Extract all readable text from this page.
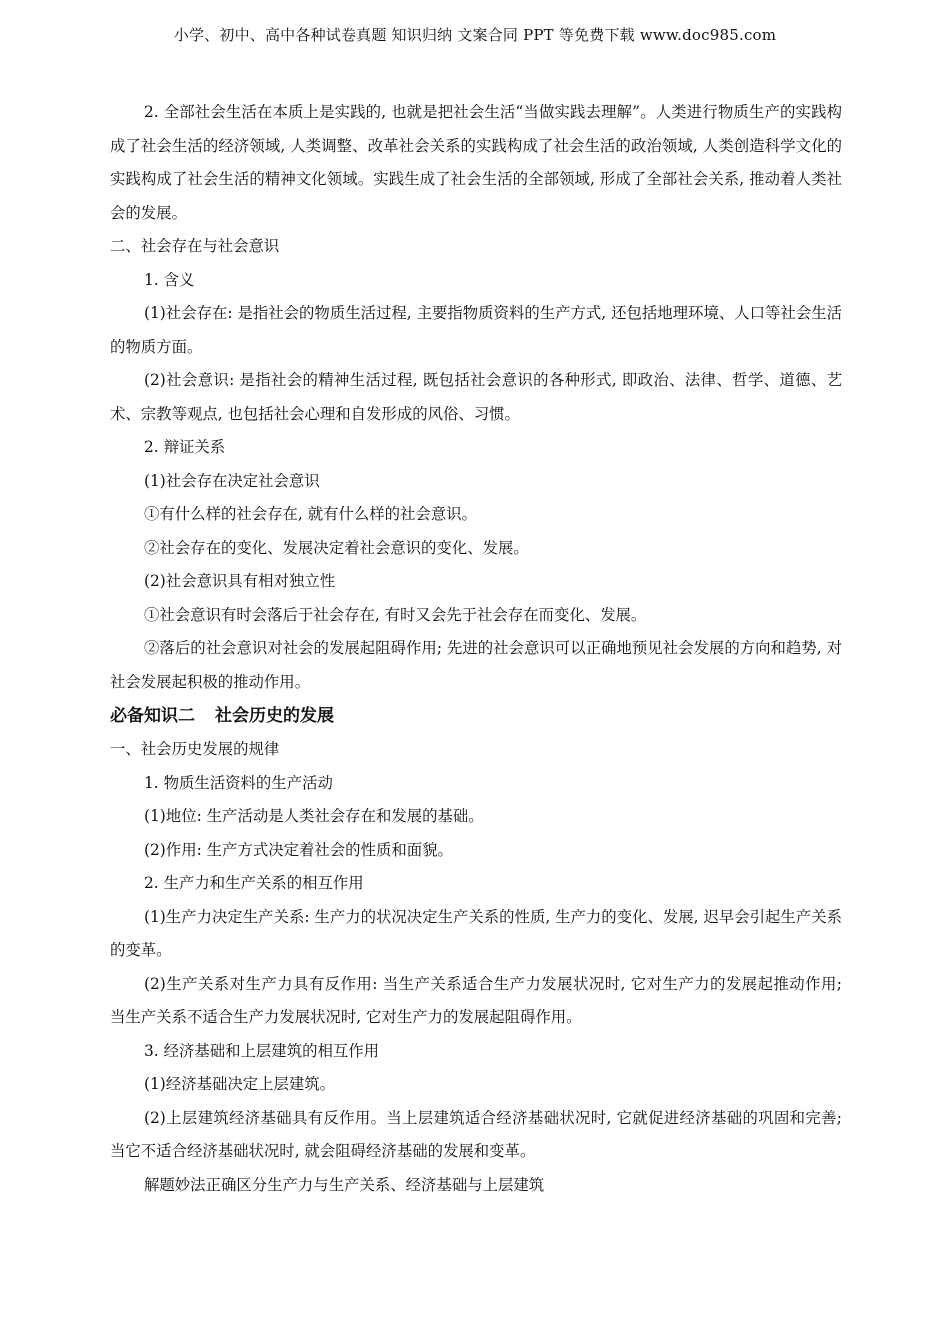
小学、初中、高中各种试卷真题 知识归纳 文案合同 PPT 等免费下载 www.doc985.com

2. 全部社会生活在本质上是实践的, 也就是把社会生活“当做实践去理解”。人类进行物质生产的实践构成了社会生活的经济领域, 人类调整、改革社会关系的实践构成了社会生活的政治领域, 人类创造科学文化的实践构成了社会生活的精神文化领域。实践生成了社会生活的全部领域, 形成了全部社会关系, 推动着人类社会的发展。

二、社会存在与社会意识

1. 含义

(1)社会存在: 是指社会的物质生活过程, 主要指物质资料的生产方式, 还包括地理环境、人口等社会生活的物质方面。

(2)社会意识: 是指社会的精神生活过程, 既包括社会意识的各种形式, 即政治、法律、哲学、道德、艺术、宗教等观点, 也包括社会心理和自发形成的风俗、习惯。

2. 辩证关系

(1)社会存在决定社会意识

①有什么样的社会存在, 就有什么样的社会意识。

②社会存在的变化、发展决定着社会意识的变化、发展。

(2)社会意识具有相对独立性

①社会意识有时会落后于社会存在, 有时又会先于社会存在而变化、发展。

②落后的社会意识对社会的发展起阻碍作用; 先进的社会意识可以正确地预见社会发展的方向和趋势, 对社会发展起积极的推动作用。

必备知识二 社会历史的发展

一、社会历史发展的规律

1. 物质生活资料的生产活动

(1)地位: 生产活动是人类社会存在和发展的基础。

(2)作用: 生产方式决定着社会的性质和面貌。

2. 生产力和生产关系的相互作用

(1)生产力决定生产关系: 生产力的状况决定生产关系的性质, 生产力的变化、发展, 迟早会引起生产关系的变革。

(2)生产关系对生产力具有反作用: 当生产关系适合生产力发展状况时, 它对生产力的发展起推动作用; 当生产关系不适合生产力发展状况时, 它对生产力的发展起阻碍作用。

3. 经济基础和上层建筑的相互作用

(1)经济基础决定上层建筑。

(2)上层建筑经济基础具有反作用。当上层建筑适合经济基础状况时, 它就促进经济基础的巩固和完善; 当它不适合经济基础状况时, 就会阻碍经济基础的发展和变革。

解题妙法正确区分生产力与生产关系、经济基础与上层建筑
